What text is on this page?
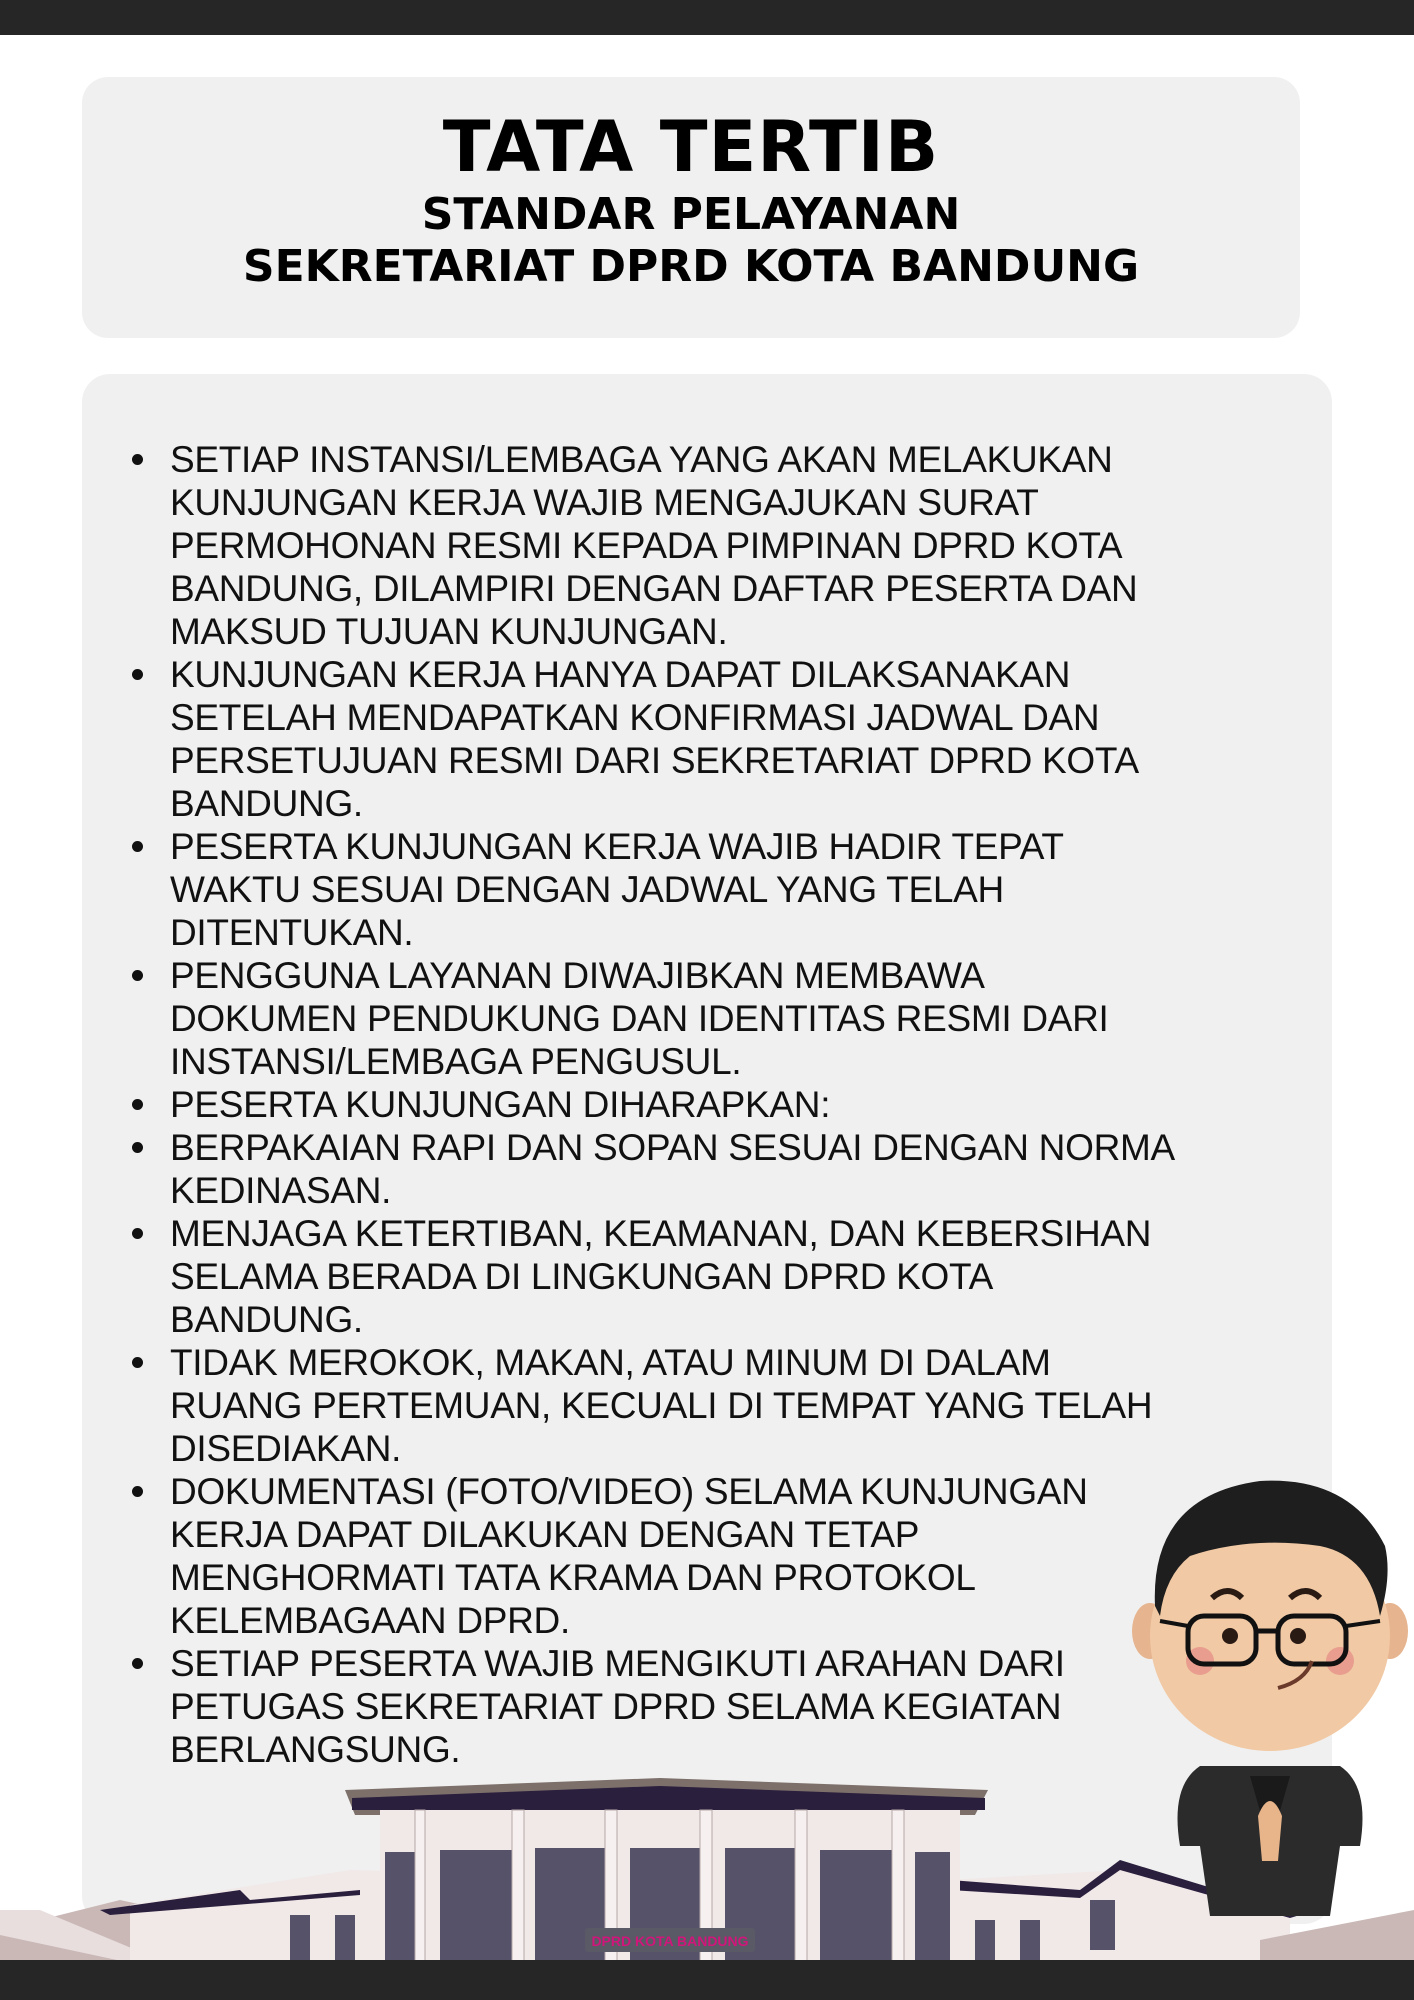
TATA TERTIB
STANDAR PELAYANAN
SEKRETARIAT DPRD KOTA BANDUNG
SETIAP INSTANSI/LEMBAGA YANG AKAN MELAKUKAN
KUNJUNGAN KERJA WAJIB MENGAJUKAN SURAT
PERMOHONAN RESMI KEPADA PIMPINAN DPRD KOTA
BANDUNG, DILAMPIRI DENGAN DAFTAR PESERTA DAN
MAKSUD TUJUAN KUNJUNGAN.
KUNJUNGAN KERJA HANYA DAPAT DILAKSANAKAN
SETELAH MENDAPATKAN KONFIRMASI JADWAL DAN
PERSETUJUAN RESMI DARI SEKRETARIAT DPRD KOTA
BANDUNG.
PESERTA KUNJUNGAN KERJA WAJIB HADIR TEPAT
WAKTU SESUAI DENGAN JADWAL YANG TELAH
DITENTUKAN.
PENGGUNA LAYANAN DIWAJIBKAN MEMBAWA
DOKUMEN PENDUKUNG DAN IDENTITAS RESMI DARI
INSTANSI/LEMBAGA PENGUSUL.
PESERTA KUNJUNGAN DIHARAPKAN:
BERPAKAIAN RAPI DAN SOPAN SESUAI DENGAN NORMA
KEDINASAN.
MENJAGA KETERTIBAN, KEAMANAN, DAN KEBERSIHAN
SELAMA BERADA DI LINGKUNGAN DPRD KOTA
BANDUNG.
TIDAK MEROKOK, MAKAN, ATAU MINUM DI DALAM
RUANG PERTEMUAN, KECUALI DI TEMPAT YANG TELAH
DISEDIAKAN.
DOKUMENTASI (FOTO/VIDEO) SELAMA KUNJUNGAN
KERJA DAPAT DILAKUKAN DENGAN TETAP
MENGHORMATI TATA KRAMA DAN PROTOKOL
KELEMBAGAAN DPRD.
SETIAP PESERTA WAJIB MENGIKUTI ARAHAN DARI
PETUGAS SEKRETARIAT DPRD SELAMA KEGIATAN
BERLANGSUNG.
DPRD KOTA BANDUNG
